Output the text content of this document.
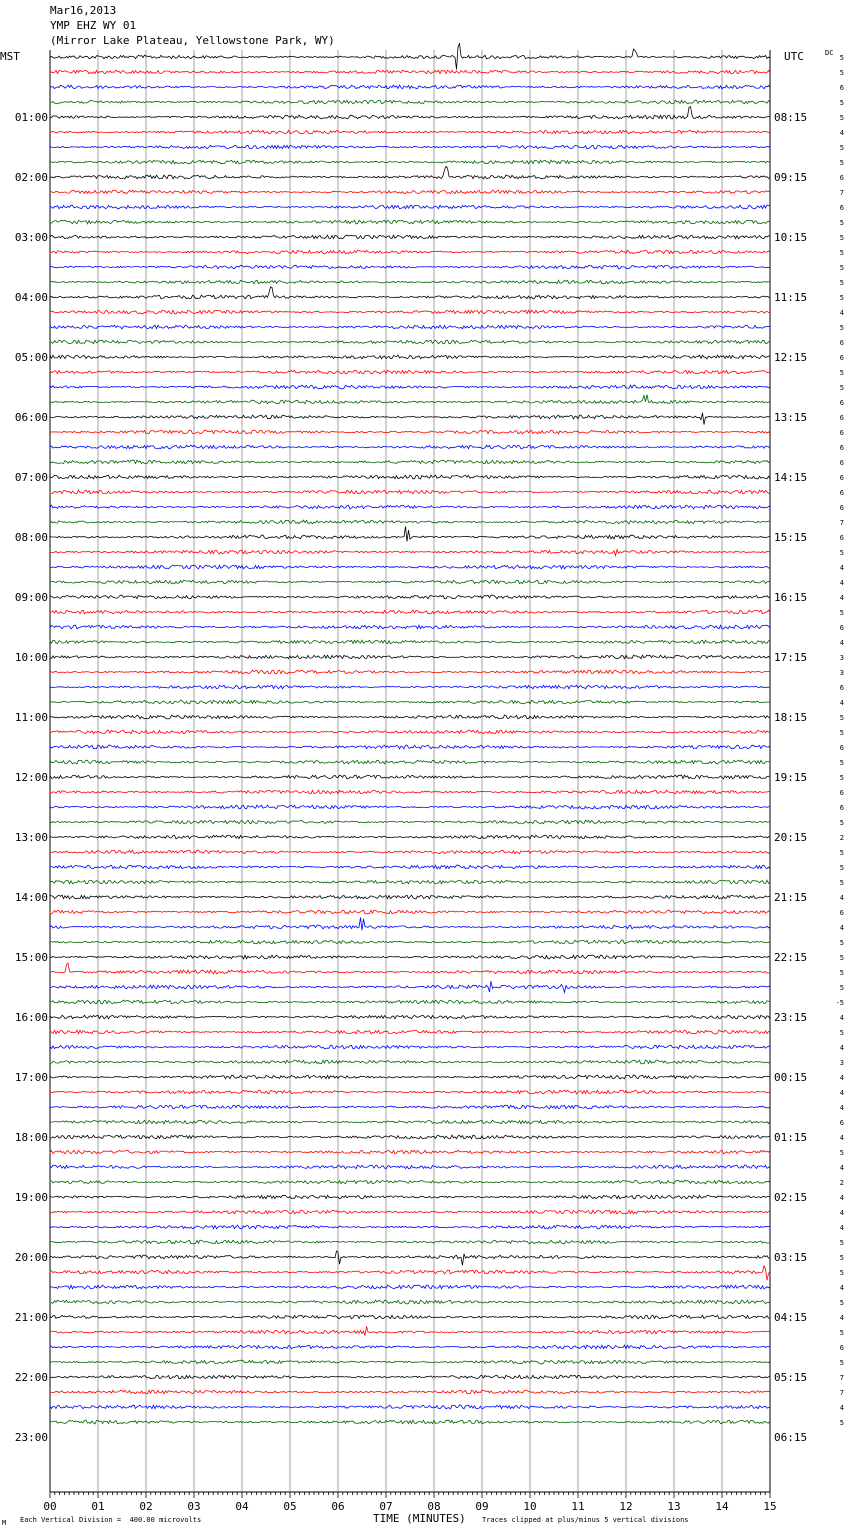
Mar16,2013
YMP EHZ WY 01
(Mirror Lake Plateau, Yellowstone Park, WY)
MST	UTC	DC
5
5
6
5
5
4
5
5
6
7
6
5
5
5
5
5
5
4
5
6
6
5
5
6
6
6
6
6
6
6
6
7
6
5
4
4
4
5
6
4
3
3
6
4
5
5
6
5
5
6
6
5
2
5
5
5
4
6
4
5
5
5
5
-5
4
5
4
3
4
4
4
6
4
5
4
2
4
4
4
5
5
5
4
5
4
5
6
5
7
7
4
5
01:00	08:15
02:00	09:15
03:00	10:15
04:00	11:15
05:00	12:15
06:00	13:15
07:00	14:15
08:00	15:15
09:00	16:15
10:00	17:15
11:00	18:15
12:00	19:15
13:00	20:15
14:00	21:15
15:00	22:15
16:00	23:15
17:00	00:15
18:00	01:15
19:00	02:15
20:00	03:15
21:00	04:15
22:00	05:15
23:00	06:15
00	01	02	03	04	05	06	07	08	09	10	11	12	13	14	15
M Each Vertical Division =  400.00 microvolts	TIME (MINUTES) Traces clipped at plus/minus 5 vertical divisions
